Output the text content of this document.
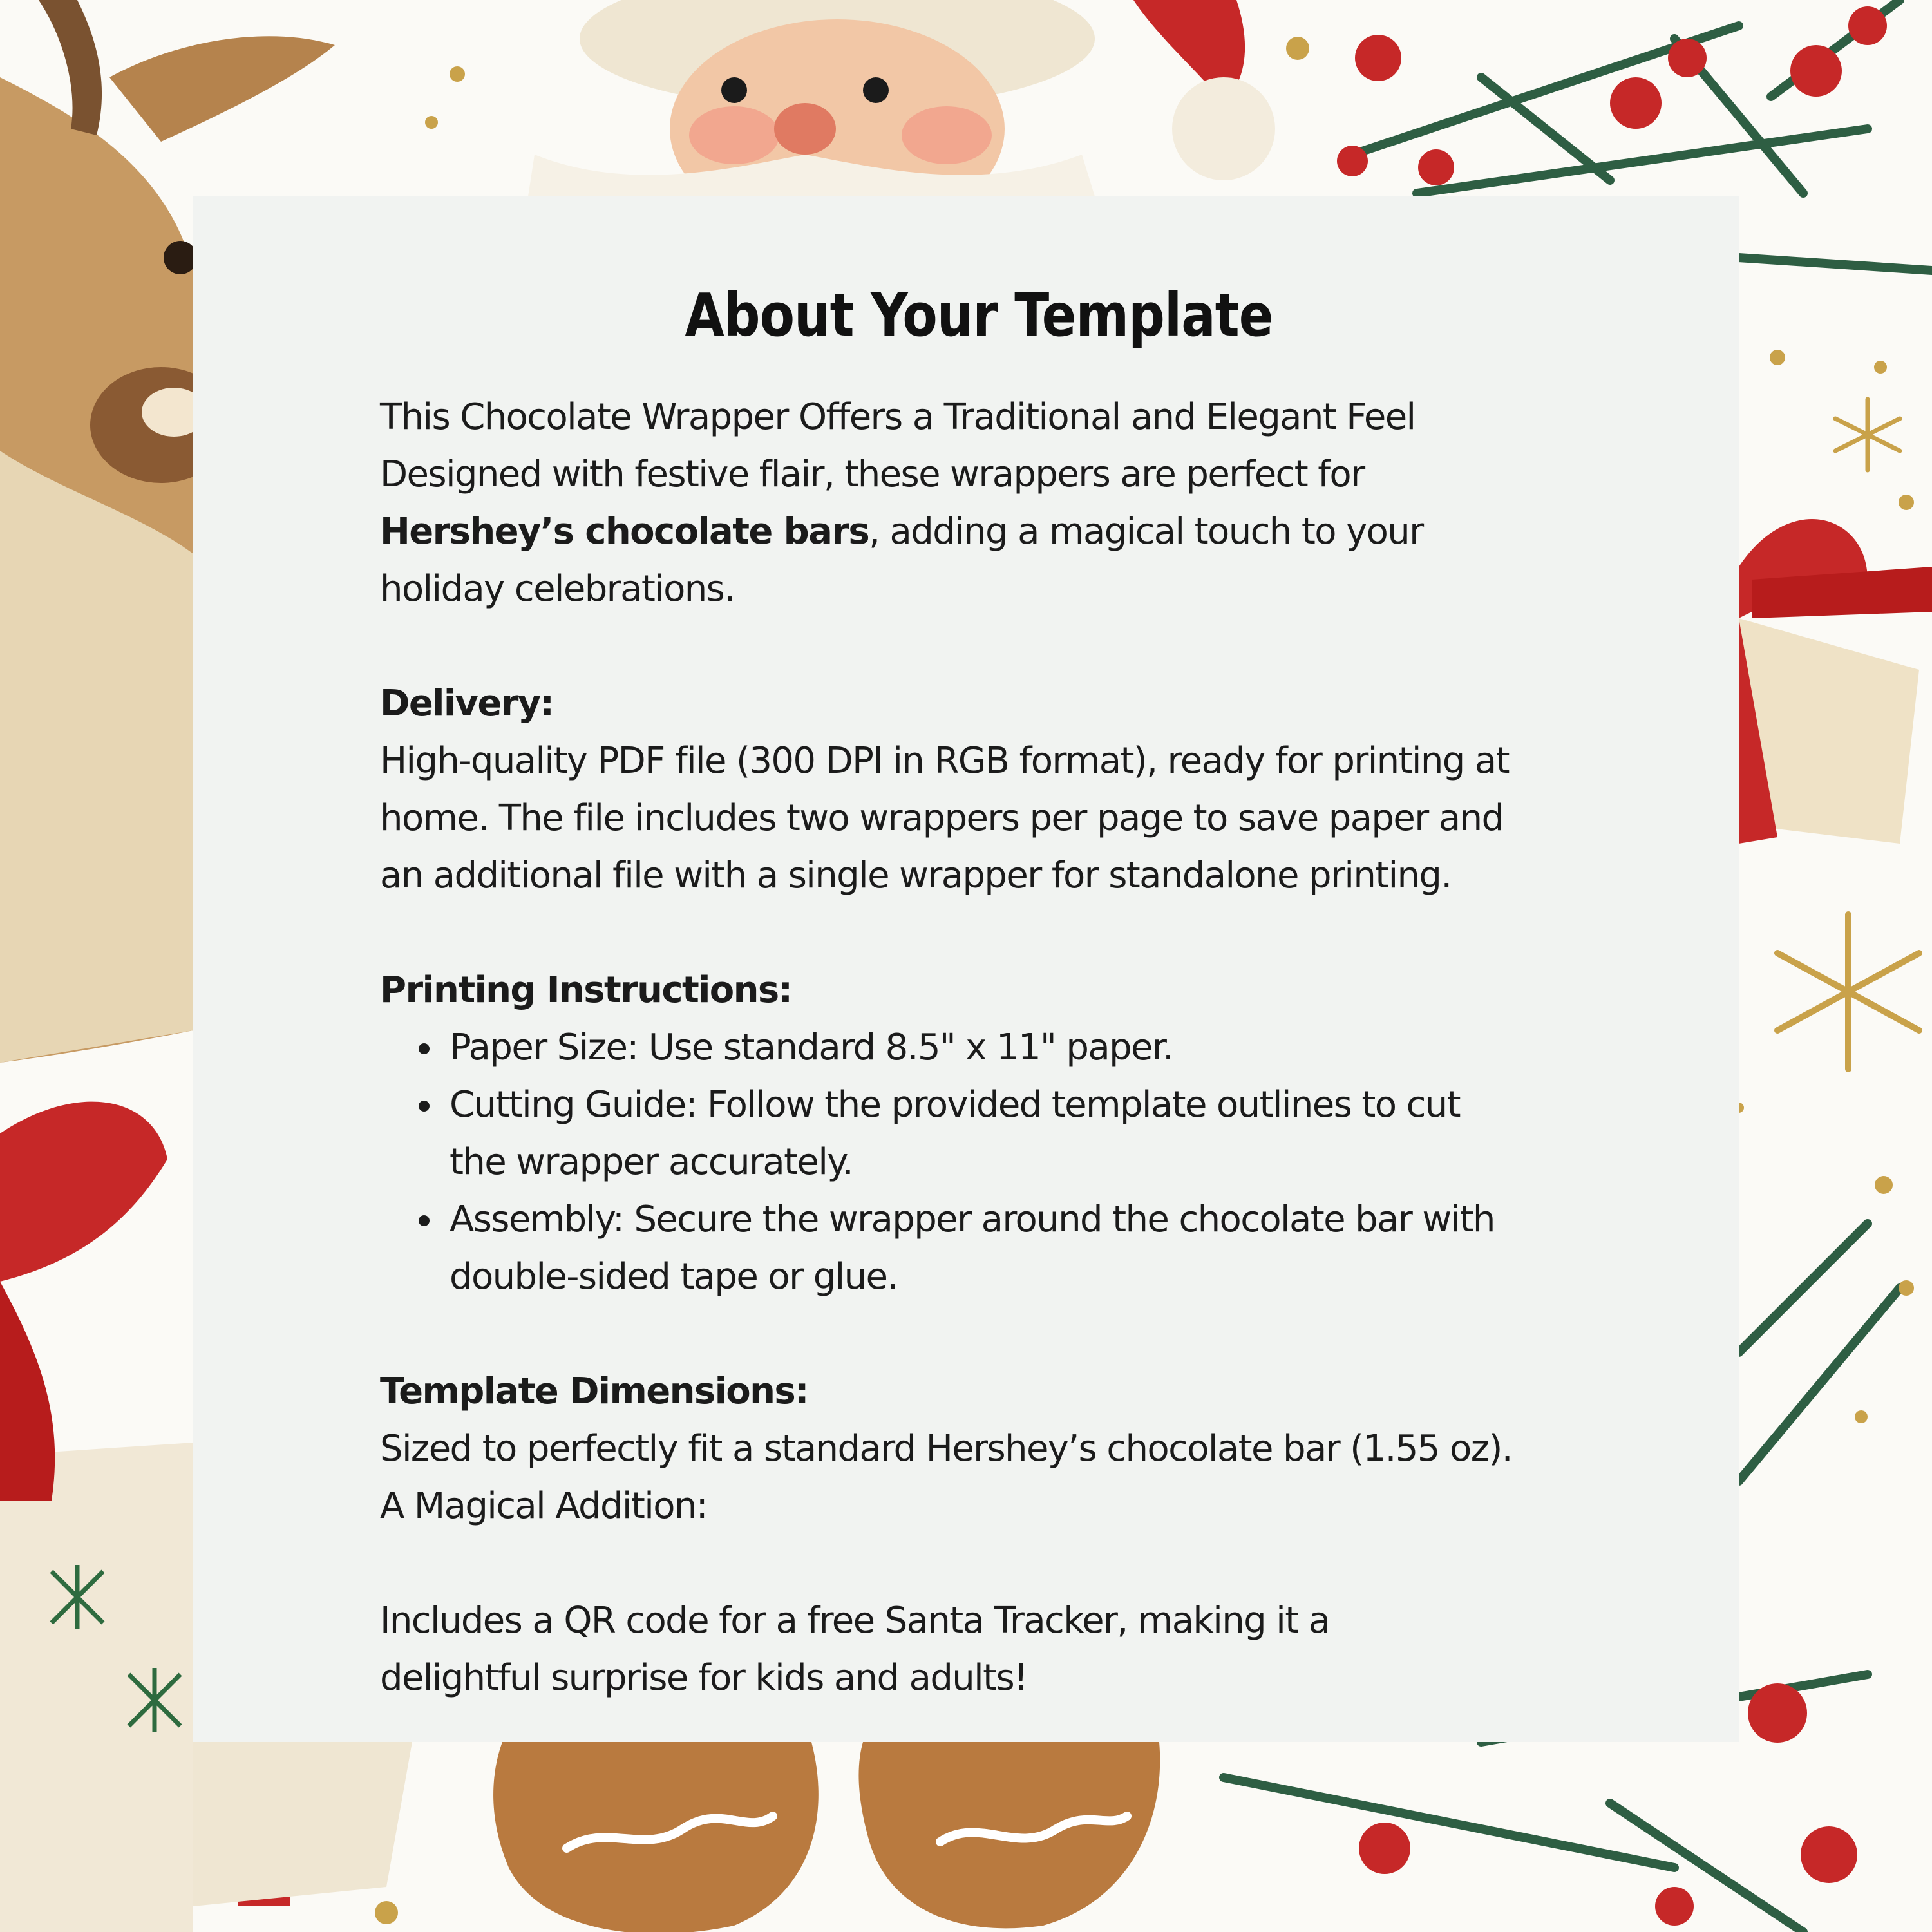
About Your Template
This Chocolate Wrapper Offers a Traditional and Elegant Feel
Designed with festive flair, these wrappers are perfect for
Hershey’s chocolate bars, adding a magical touch to your
holiday celebrations.
Delivery:
High-quality PDF file (300 DPI in RGB format), ready for printing at
home. The file includes two wrappers per page to save paper and
an additional file with a single wrapper for standalone printing.
Printing Instructions:
Paper Size: Use standard 8.5" x 11" paper.
Cutting Guide: Follow the provided template outlines to cut
the wrapper accurately.
Assembly: Secure the wrapper around the chocolate bar with
double-sided tape or glue.
Template Dimensions:
Sized to perfectly fit a standard Hershey’s chocolate bar (1.55 oz).
A Magical Addition:
Includes a QR code for a free Santa Tracker, making it a
delightful surprise for kids and adults!
